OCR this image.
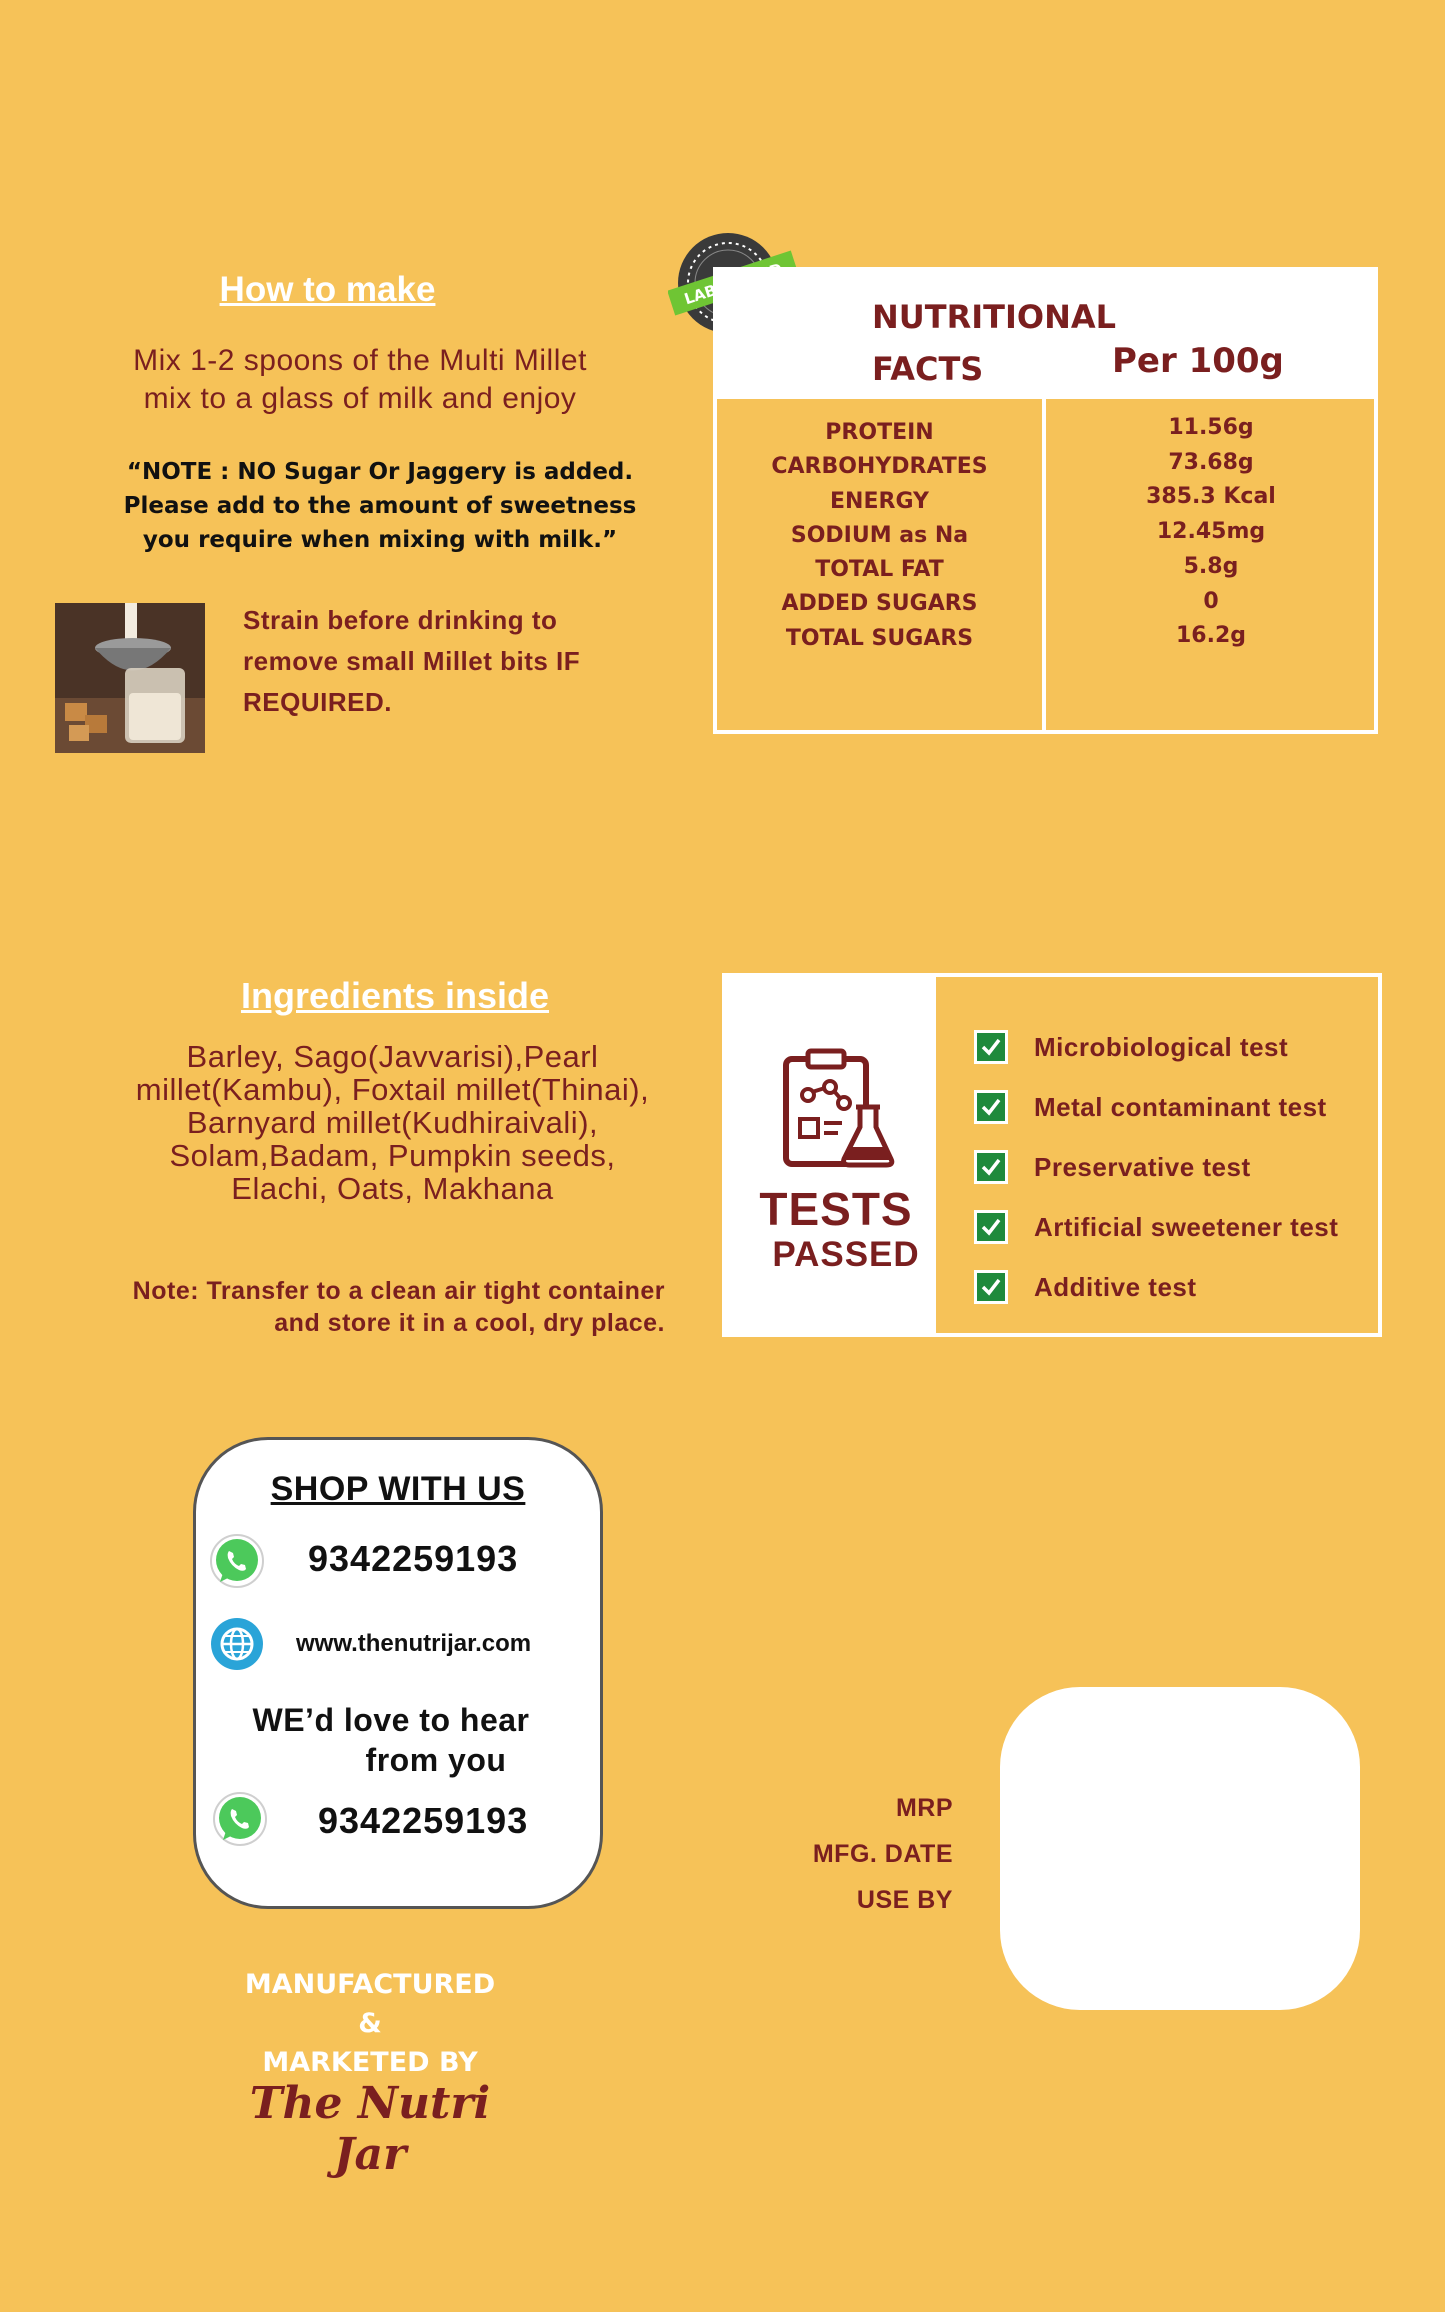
How to make
Mix 1-2 spoons of the Multi Millet
mix to a glass of milk and enjoy
“NOTE : NO Sugar Or Jaggery is added.
Please add to the amount of sweetness
you require when mixing with milk.”
Strain before drinking to
remove small Millet bits IF
REQUIRED.
LAB
NUTRITIONAL
FACTS	Per 100g
PROTEIN
CARBOHYDRATES
ENERGY
SODIUM as Na
TOTAL FAT
ADDED SUGARS
TOTAL SUGARS
11.56g
73.68g
385.3 Kcal
12.45mg
5.8g
0
16.2g
Ingredients inside
Barley, Sago(Javvarisi),Pearl
millet(Kambu), Foxtail millet(Thinai),
Barnyard millet(Kudhiraivali),
Solam,Badam, Pumpkin seeds,
Elachi, Oats, Makhana
Note: Transfer to a clean air tight container
and store it in a cool, dry place.
TESTS
PASSED
Microbiological test
Metal contaminant test
Preservative test
Artificial sweetener test
Additive test
SHOP WITH US
9342259193
www.thenutrijar.com
WE’d love to hear
from you
9342259193
MANUFACTURED
&
MARKETED BY
The Nutri Jar
MRP
MFG. DATE
USE BY
